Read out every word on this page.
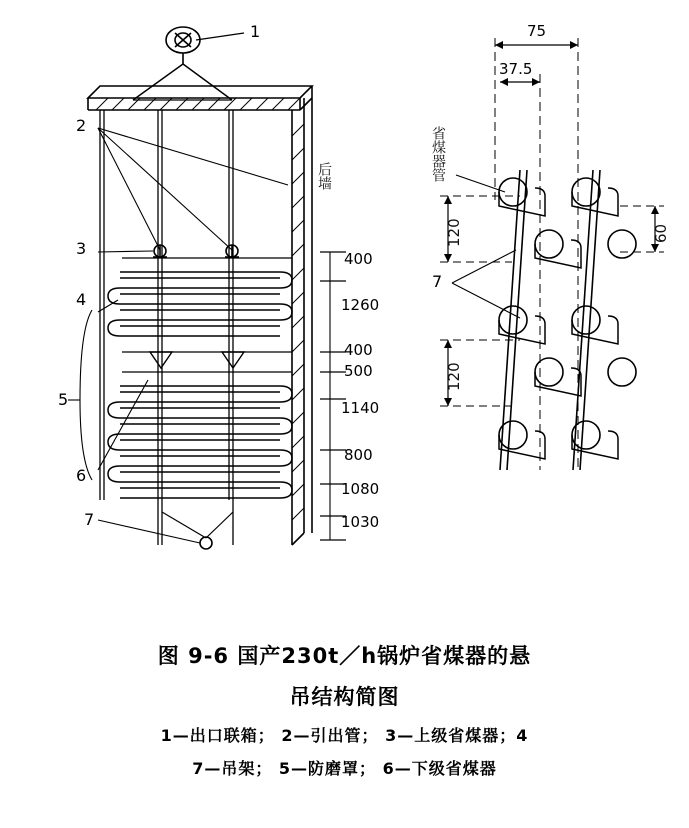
1
2
3
4
5
6
7
后墙
400
1260
400
500
1140
800
1080
1030
75
37.5
120
120
60
省煤器管
7
图 9-6 国产230t／h锅炉省煤器的悬
吊结构简图
1—出口联箱； 2—引出管； 3—上级省煤器；4
7—吊架； 5—防磨罩； 6—下级省煤器
